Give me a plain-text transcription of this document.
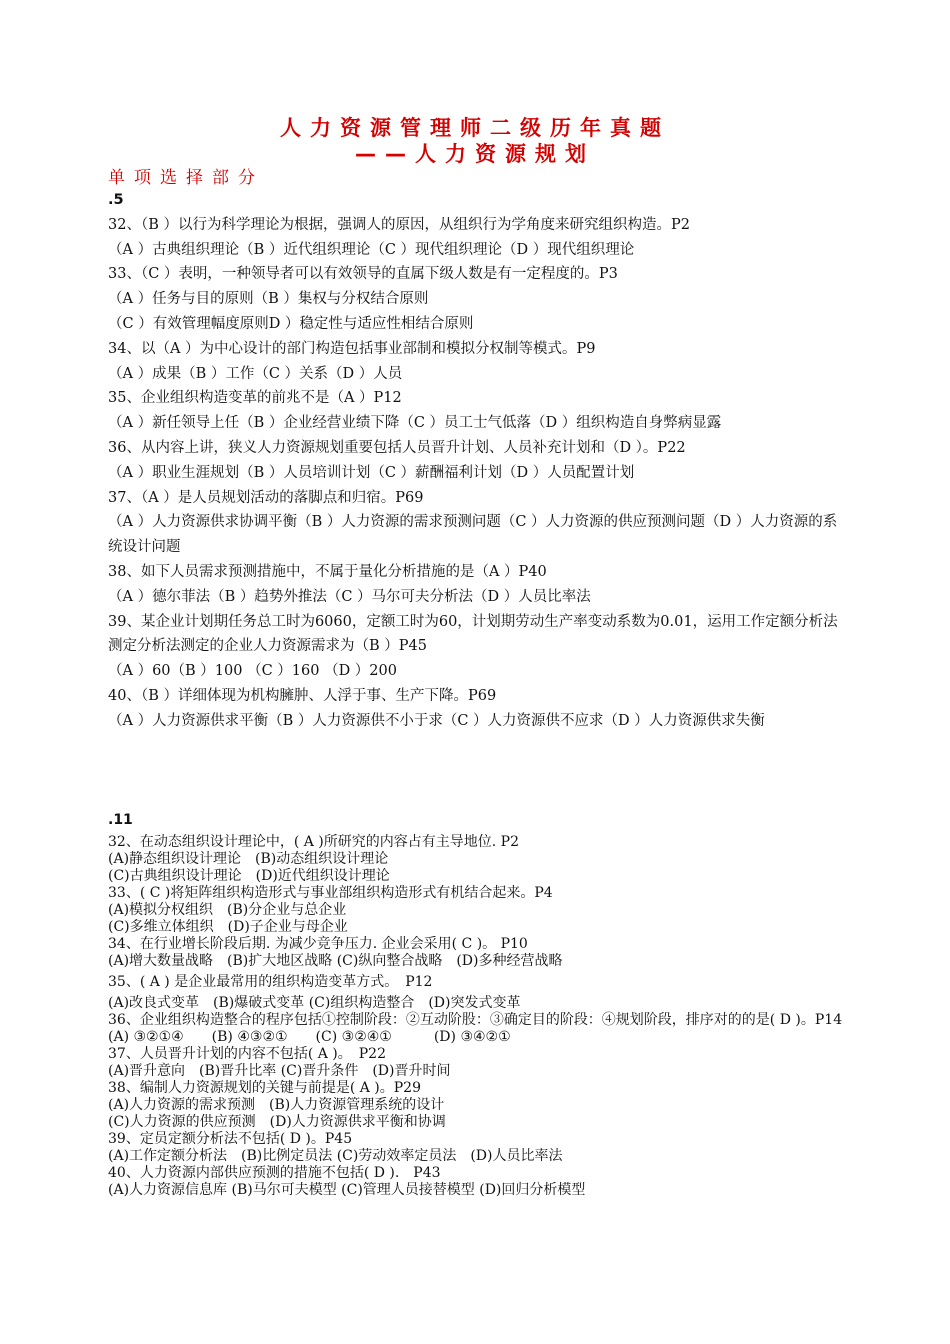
人力资源管理师二级历年真题
——人力资源规划
单项选择部分
.5
32、（B ）以行为科学理论为根据，强调人的原因，从组织行为学角度来研究组织构造。P2
（A ）古典组织理论（B ）近代组织理论（C ）现代组织理论（D ）现代组织理论
33、（C ）表明，一种领导者可以有效领导的直属下级人数是有一定程度的。P3
（A ）任务与目的原则（B ）集权与分权结合原则
（C ）有效管理幅度原则D ）稳定性与适应性相结合原则
34、以（A ）为中心设计的部门构造包括事业部制和模拟分权制等模式。P9
（A ）成果（B ）工作（C ）关系（D ）人员
35、企业组织构造变革的前兆不是（A ）P12
（A ）新任领导上任（B ）企业经营业绩下降（C ）员工士气低落（D ）组织构造自身弊病显露
36、从内容上讲，狭义人力资源规划重要包括人员晋升计划、人员补充计划和（D ）。P22
（A ）职业生涯规划（B ）人员培训计划（C ）薪酬福利计划（D ）人员配置计划
37、（A ）是人员规划活动的落脚点和归宿。P69
（A ）人力资源供求协调平衡（B ）人力资源的需求预测问题（C ）人力资源的供应预测问题（D ）人力资源的系统设计问题
38、如下人员需求预测措施中，不属于量化分析措施的是（A ）P40
（A ）德尔菲法（B ）趋势外推法（C ）马尔可夫分析法（D ）人员比率法
39、某企业计划期任务总工时为6060，定额工时为60，计划期劳动生产率变动系数为0.01，运用工作定额分析法测定分析法测定的企业人力资源需求为（B ）P45
（A ）60（B ）100 （C ）160 （D ）200
40、（B ）详细体现为机构臃肿、人浮于事、生产下降。P69
（A ）人力资源供求平衡（B ）人力资源供不小于求（C ）人力资源供不应求（D ）人力资源供求失衡
.11
32、在动态组织设计理论中，( A )所研究的内容占有主导地位. P2
(A)静态组织设计理论　(B)动态组织设计理论
(C)古典组织设计理论　(D)近代组织设计理论
33、( C )将矩阵组织构造形式与事业部组织构造形式有机结合起来。P4
(A)模拟分权组织　(B)分企业与总企业
(C)多维立体组织　(D)子企业与母企业
34、在行业增长阶段后期. 为减少竞争压力. 企业会采用( C )。 P10
(A)增大数量战略　(B)扩大地区战略 (C)纵向整合战略　(D)多种经营战略
35、( A ) 是企业最常用的组织构造变革方式。　P12
(A)改良式变革　(B)爆破式变革 (C)组织构造整合　(D)突发式变革
36、企业组织构造整合的程序包括①控制阶段：②互动阶股：③确定目的阶段：④规划阶段，排序对的的是( D )。P14
(A) ③②①④　　(B) ④③②①　　(C) ③②④①　　　(D) ③④②①
37、人员晋升计划的内容不包括( A )。　P22
(A)晋升意向　(B)晋升比率 (C)晋升条件　(D)晋升时间
38、编制人力资源规划的关键与前提是( A )。P29
(A)人力资源的需求预测　(B)人力资源管理系统的设计
(C)人力资源的供应预测　(D)人力资源供求平衡和协调
39、定员定额分析法不包括( D )。P45
(A)工作定额分析法　(B)比例定员法 (C)劳动效率定员法　(D)人员比率法
40、人力资源内部供应预测的措施不包括( D ).　P43
(A)人力资源信息库 (B)马尔可夫模型 (C)管理人员接替模型 (D)回归分析模型
